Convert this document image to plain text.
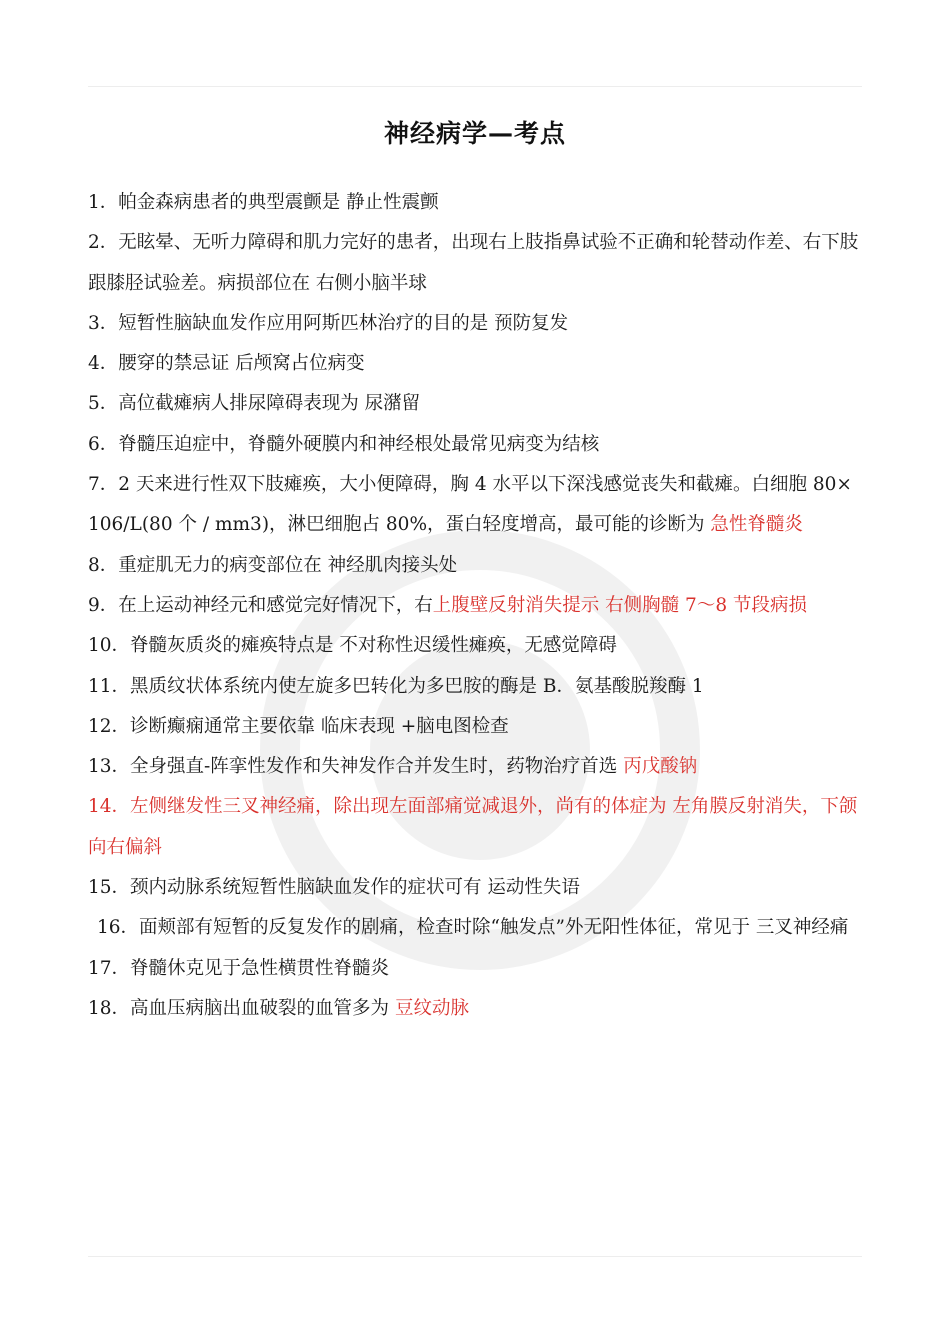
神经病学—考点

1．帕金森病患者的典型震颤是 静止性震颤

2．无眩晕、无听力障碍和肌力完好的患者，出现右上肢指鼻试验不正确和轮替动作差、右下肢跟膝胫试验差。病损部位在 右侧小脑半球

3．短暂性脑缺血发作应用阿斯匹林治疗的目的是 预防复发

4．腰穿的禁忌证 后颅窝占位病变

5．高位截瘫病人排尿障碍表现为 尿潴留

6．脊髓压迫症中，脊髓外硬膜内和神经根处最常见病变为结核

7．2 天来进行性双下肢瘫痪，大小便障碍，胸 4 水平以下深浅感觉丧失和截瘫。白细胞 80×106/L(80 个 / mm3)，淋巴细胞占 80%，蛋白轻度增高，最可能的诊断为 急性脊髓炎

8．重症肌无力的病变部位在 神经肌肉接头处

9．在上运动神经元和感觉完好情况下，右上腹壁反射消失提示 右侧胸髓 7～8 节段病损

10．脊髓灰质炎的瘫痪特点是 不对称性迟缓性瘫痪，无感觉障碍

11．黑质纹状体系统内使左旋多巴转化为多巴胺的酶是 B．氨基酸脱羧酶 1

12．诊断癫痫通常主要依靠 临床表现 +脑电图检查

13．全身强直-阵挛性发作和失神发作合并发生时，药物治疗首选 丙戊酸钠

14．左侧继发性三叉神经痛，除出现左面部痛觉减退外，尚有的体症为 左角膜反射消失，下颌向右偏斜

15．颈内动脉系统短暂性脑缺血发作的症状可有 运动性失语

16．面颊部有短暂的反复发作的剧痛，检查时除“触发点”外无阳性体征，常见于 三叉神经痛

17．脊髓休克见于急性横贯性脊髓炎

18．高血压病脑出血破裂的血管多为 豆纹动脉
